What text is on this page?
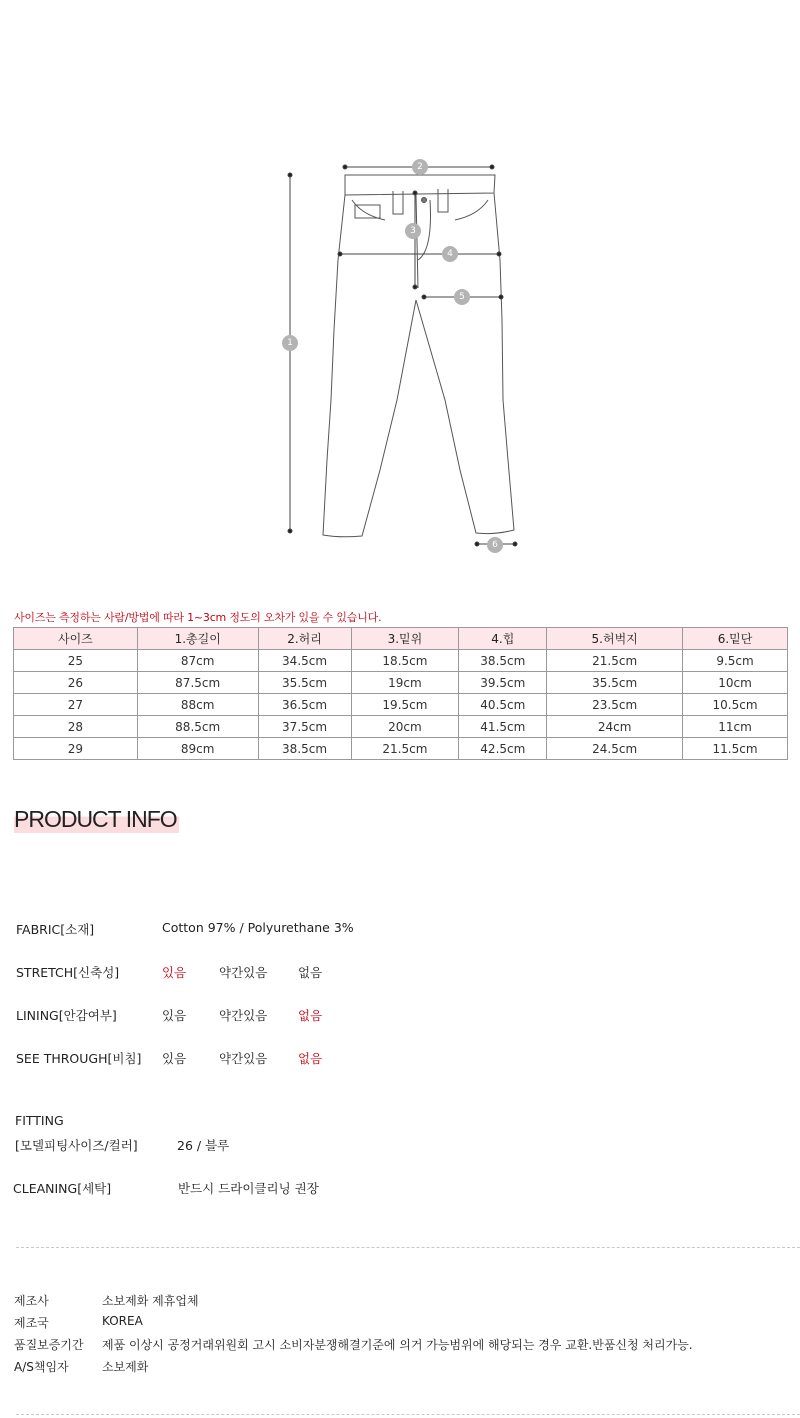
1
2
3
4
5
6
사이즈는 측정하는 사람/방법에 따라 1~3cm 정도의 오차가 있을 수 있습니다.
사이즈	1.총길이	2.허리	3.밑위	4.힙	5.허벅지	6.밑단
25	87cm	34.5cm	18.5cm	38.5cm	21.5cm	9.5cm
26	87.5cm	35.5cm	19cm	39.5cm	35.5cm	10cm
27	88cm	36.5cm	19.5cm	40.5cm	23.5cm	10.5cm
28	88.5cm	37.5cm	20cm	41.5cm	24cm	11cm
29	89cm	38.5cm	21.5cm	42.5cm	24.5cm	11.5cm
PRODUCT INFO
FABRIC[소재]	Cotton 97% / Polyurethane 3%
STRETCH[신축성]	있음	약간있음 없음
LINING[안감여부]	있음	약간있음 없음
SEE THROUGH[비침] 있음	약간있음 없음
FITTING
[모델피팅사이즈/컬러]	26 / 블루
CLEANING[세탁]	반드시 드라이클리닝 권장
제조사	소보제화 제휴업체
제조국	KOREA
품질보증기간 제품 이상시 공정거래위원회 고시 소비자분쟁해결기준에 의거 가능범위에 해당되는 경우 교환.반품신청 처리가능.
A/S책임자	소보제화
